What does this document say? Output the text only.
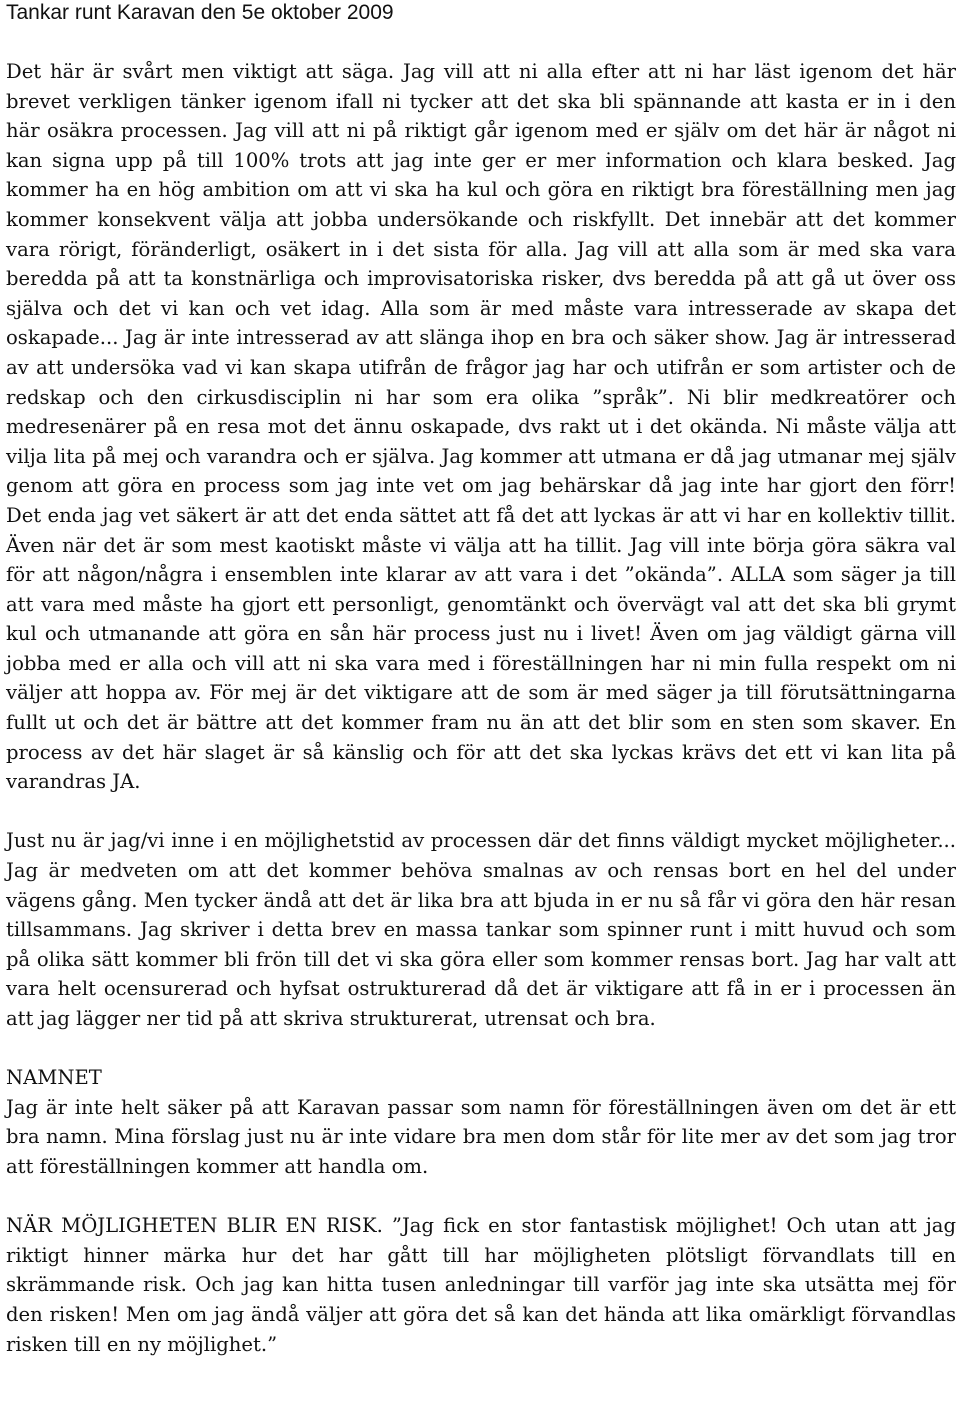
Tankar runt Karavan den 5e oktober 2009

Det här är svårt men viktigt att säga. Jag vill att ni alla efter att ni har läst igenom det här brevet verkligen tänker igenom ifall ni tycker att det ska bli spännande att kasta er in i den här osäkra processen. Jag vill att ni på riktigt går igenom med er själv om det här är något ni kan signa upp på till 100% trots att jag inte ger er mer information och klara besked. Jag kommer ha en hög ambition om att vi ska ha kul och göra en riktigt bra föreställning men jag kommer konsekvent välja att jobba undersökande och riskfyllt. Det innebär att det kommer vara rörigt, föränderligt, osäkert in i det sista för alla. Jag vill att alla som är med ska vara beredda på att ta konstnärliga och improvisatoriska risker, dvs beredda på att gå ut över oss själva och det vi kan och vet idag. Alla som är med måste vara intresserade av skapa det oskapade... Jag är inte intresserad av att slänga ihop en bra och säker show. Jag är intresserad av att undersöka vad vi kan skapa utifrån de frågor jag har och utifrån er som artister och de redskap och den cirkusdisciplin ni har som era olika ”språk”. Ni blir medkreatörer och medresenärer på en resa mot det ännu oskapade, dvs rakt ut i det okända. Ni måste välja att vilja lita på mej och varandra och er själva. Jag kommer att utmana er då jag utmanar mej själv genom att göra en process som jag inte vet om jag behärskar då jag inte har gjort den förr! Det enda jag vet säkert är att det enda sättet att få det att lyckas är att vi har en kollektiv tillit. Även när det är som mest kaotiskt måste vi välja att ha tillit. Jag vill inte börja göra säkra val för att någon/några i ensemblen inte klarar av att vara i det ”okända”. ALLA som säger ja till att vara med måste ha gjort ett personligt, genomtänkt och övervägt val att det ska bli grymt kul och utmanande att göra en sån här process just nu i livet! Även om jag väldigt gärna vill jobba med er alla och vill att ni ska vara med i föreställningen har ni min fulla respekt om ni väljer att hoppa av. För mej är det viktigare att de som är med säger ja till förutsättningarna fullt ut och det är bättre att det kommer fram nu än att det blir som en sten som skaver. En process av det här slaget är så känslig och för att det ska lyckas krävs det ett vi kan lita på varandras JA.

Just nu är jag/vi inne i en möjlighetstid av processen där det finns väldigt mycket möjligheter... Jag är medveten om att det kommer behöva smalnas av och rensas bort en hel del under vägens gång. Men tycker ändå att det är lika bra att bjuda in er nu så får vi göra den här resan tillsammans. Jag skriver i detta brev en massa tankar som spinner runt i mitt huvud och som på olika sätt kommer bli frön till det vi ska göra eller som kommer rensas bort. Jag har valt att vara helt ocensurerad och hyfsat ostrukturerad då det är viktigare att få in er i processen än att jag lägger ner tid på att skriva strukturerat, utrensat och bra.

NAMNET

Jag är inte helt säker på att Karavan passar som namn för föreställningen även om det är ett bra namn. Mina förslag just nu är inte vidare bra men dom står för lite mer av det som jag tror att föreställningen kommer att handla om.

NÄR MÖJLIGHETEN BLIR EN RISK. ”Jag fick en stor fantastisk möjlighet! Och utan att jag riktigt hinner märka hur det har gått till har möjligheten plötsligt förvandlats till en skrämmande risk. Och jag kan hitta tusen anledningar till varför jag inte ska utsätta mej för den risken! Men om jag ändå väljer att göra det så kan det hända att lika omärkligt förvandlas risken till en ny möjlighet.”
